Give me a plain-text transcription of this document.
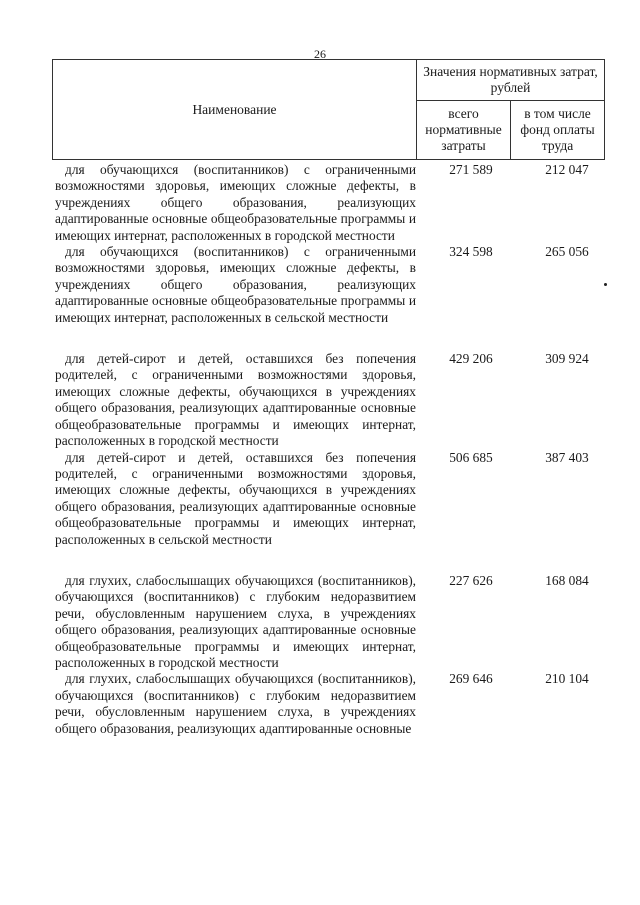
26
Наименование	Значения нормативных затрат, рублей	
	всего нормативные затраты	в том числе фонд оплаты труда
для обучающихся (воспитанников) с ограниченными возможностями здоровья, имеющих сложные дефекты, в учреждениях общего образования, реализующих адаптированные основные общеобразовательные программы и имеющих интернат, расположенных в городской местности
271 589	212 047
для обучающихся (воспитанников) с ограниченными возможностями здоровья, имеющих сложные дефекты, в учреждениях общего образования, реализующих адаптированные основные общеобразовательные программы и имеющих интернат, расположенных в сельской местности
324 598	265 056
для детей-сирот и детей, оставшихся без попечения родителей, с ограниченными возможностями здоровья, имеющих сложные дефекты, обучающихся в учреждениях общего образования, реализующих адаптированные основные общеобразовательные программы и имеющих интернат, расположенных в городской местности
429 206	309 924
для детей-сирот и детей, оставшихся без попечения родителей, с ограниченными возможностями здоровья, имеющих сложные дефекты, обучающихся в учреждениях общего образования, реализующих адаптированные основные общеобразовательные программы и имеющих интернат, расположенных в сельской местности
506 685	387 403
для глухих, слабослышащих обучающихся (воспитанников), обучающихся (воспитанников) с глубоким недоразвитием речи, обусловленным нарушением слуха, в учреждениях общего образования, реализующих адаптированные основные общеобразовательные программы и имеющих интернат, расположенных в городской местности
227 626	168 084
для глухих, слабослышащих обучающихся (воспитанников), обучающихся (воспитанников) с глубоким недоразвитием речи, обусловленным нарушением слуха, в учреждениях общего образования, реализующих адаптированные основные
269 646	210 104
